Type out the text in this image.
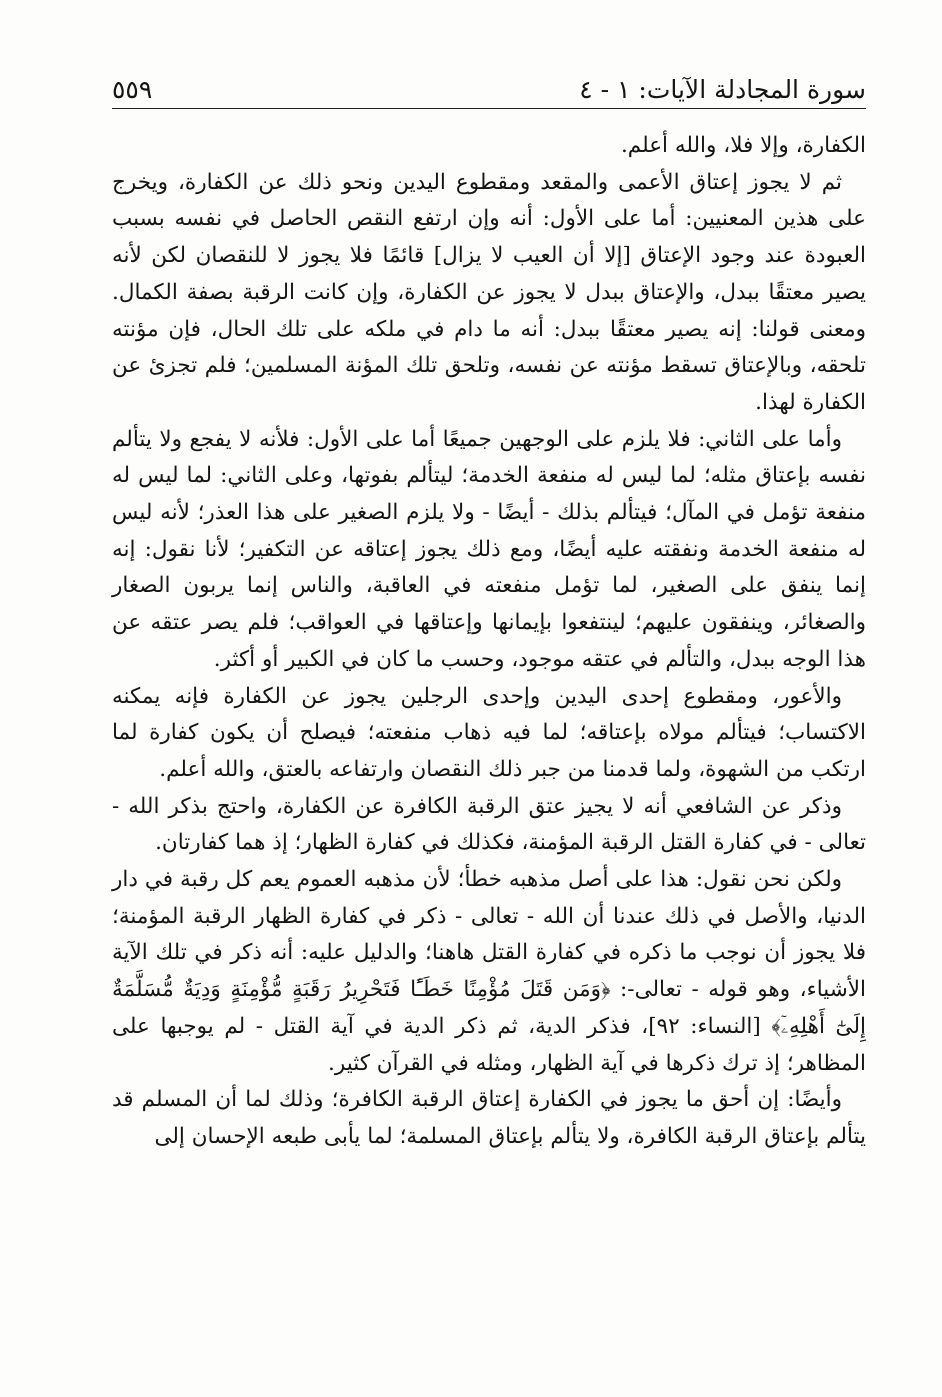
سورة المجادلة الآيات: ١ - ٤
٥٥٩

الكفارة، وإلا فلا، والله أعلم.

ثم لا يجوز إعتاق الأعمى والمقعد ومقطوع اليدين ونحو ذلك عن الكفارة، ويخرج على هذين المعنيين: أما على الأول: أنه وإن ارتفع النقص الحاصل في نفسه بسبب العبودة عند وجود الإعتاق [إلا أن العيب لا يزال] قائمًا فلا يجوز لا للنقصان لكن لأنه يصير معتقًا ببدل، والإعتاق ببدل لا يجوز عن الكفارة، وإن كانت الرقبة بصفة الكمال. ومعنى قولنا: إنه يصير معتقًا ببدل: أنه ما دام في ملكه على تلك الحال، فإن مؤنته تلحقه، وبالإعتاق تسقط مؤنته عن نفسه، وتلحق تلك المؤنة المسلمين؛ فلم تجزئ عن الكفارة لهذا.

وأما على الثاني: فلا يلزم على الوجهين جميعًا أما على الأول: فلأنه لا يفجع ولا يتألم نفسه بإعتاق مثله؛ لما ليس له منفعة الخدمة؛ ليتألم بفوتها، وعلى الثاني: لما ليس له منفعة تؤمل في المآل؛ فيتألم بذلك - أيضًا - ولا يلزم الصغير على هذا العذر؛ لأنه ليس له منفعة الخدمة ونفقته عليه أيضًا، ومع ذلك يجوز إعتاقه عن التكفير؛ لأنا نقول: إنه إنما ينفق على الصغير، لما تؤمل منفعته في العاقبة، والناس إنما يربون الصغار والصغائر، وينفقون عليهم؛ لينتفعوا بإيمانها وإعتاقها في العواقب؛ فلم يصر عتقه عن هذا الوجه ببدل، والتألم في عتقه موجود، وحسب ما كان في الكبير أو أكثر.

والأعور، ومقطوع إحدى اليدين وإحدى الرجلين يجوز عن الكفارة فإنه يمكنه الاكتساب؛ فيتألم مولاه بإعتاقه؛ لما فيه ذهاب منفعته؛ فيصلح أن يكون كفارة لما ارتكب من الشهوة، ولما قدمنا من جبر ذلك النقصان وارتفاعه بالعتق، والله أعلم.

وذكر عن الشافعي أنه لا يجيز عتق الرقبة الكافرة عن الكفارة، واحتج بذكر الله - تعالى - في كفارة القتل الرقبة المؤمنة، فكذلك في كفارة الظهار؛ إذ هما كفارتان.

ولكن نحن نقول: هذا على أصل مذهبه خطأ؛ لأن مذهبه العموم يعم كل رقبة في دار الدنيا، والأصل في ذلك عندنا أن الله - تعالى - ذكر في كفارة الظهار الرقبة المؤمنة؛ فلا يجوز أن نوجب ما ذكره في كفارة القتل هاهنا؛ والدليل عليه: أنه ذكر في تلك الآية الأشياء، وهو قوله - تعالى-: ﴿وَمَن قَتَلَ مُؤْمِنًا خَطَـًٔا فَتَحْرِيرُ رَقَبَةٍ مُّؤْمِنَةٍ وَدِيَةٌ مُّسَلَّمَةٌ إِلَىٰٓ أَهْلِهِۦٓ﴾ [النساء: ٩٢]، فذكر الدية، ثم ذكر الدية في آية القتل - لم يوجبها على المظاهر؛ إذ ترك ذكرها في آية الظهار، ومثله في القرآن كثير.

وأيضًا: إن أحق ما يجوز في الكفارة إعتاق الرقبة الكافرة؛ وذلك لما أن المسلم قد يتألم بإعتاق الرقبة الكافرة، ولا يتألم بإعتاق المسلمة؛ لما يأبى طبعه الإحسان إلى
